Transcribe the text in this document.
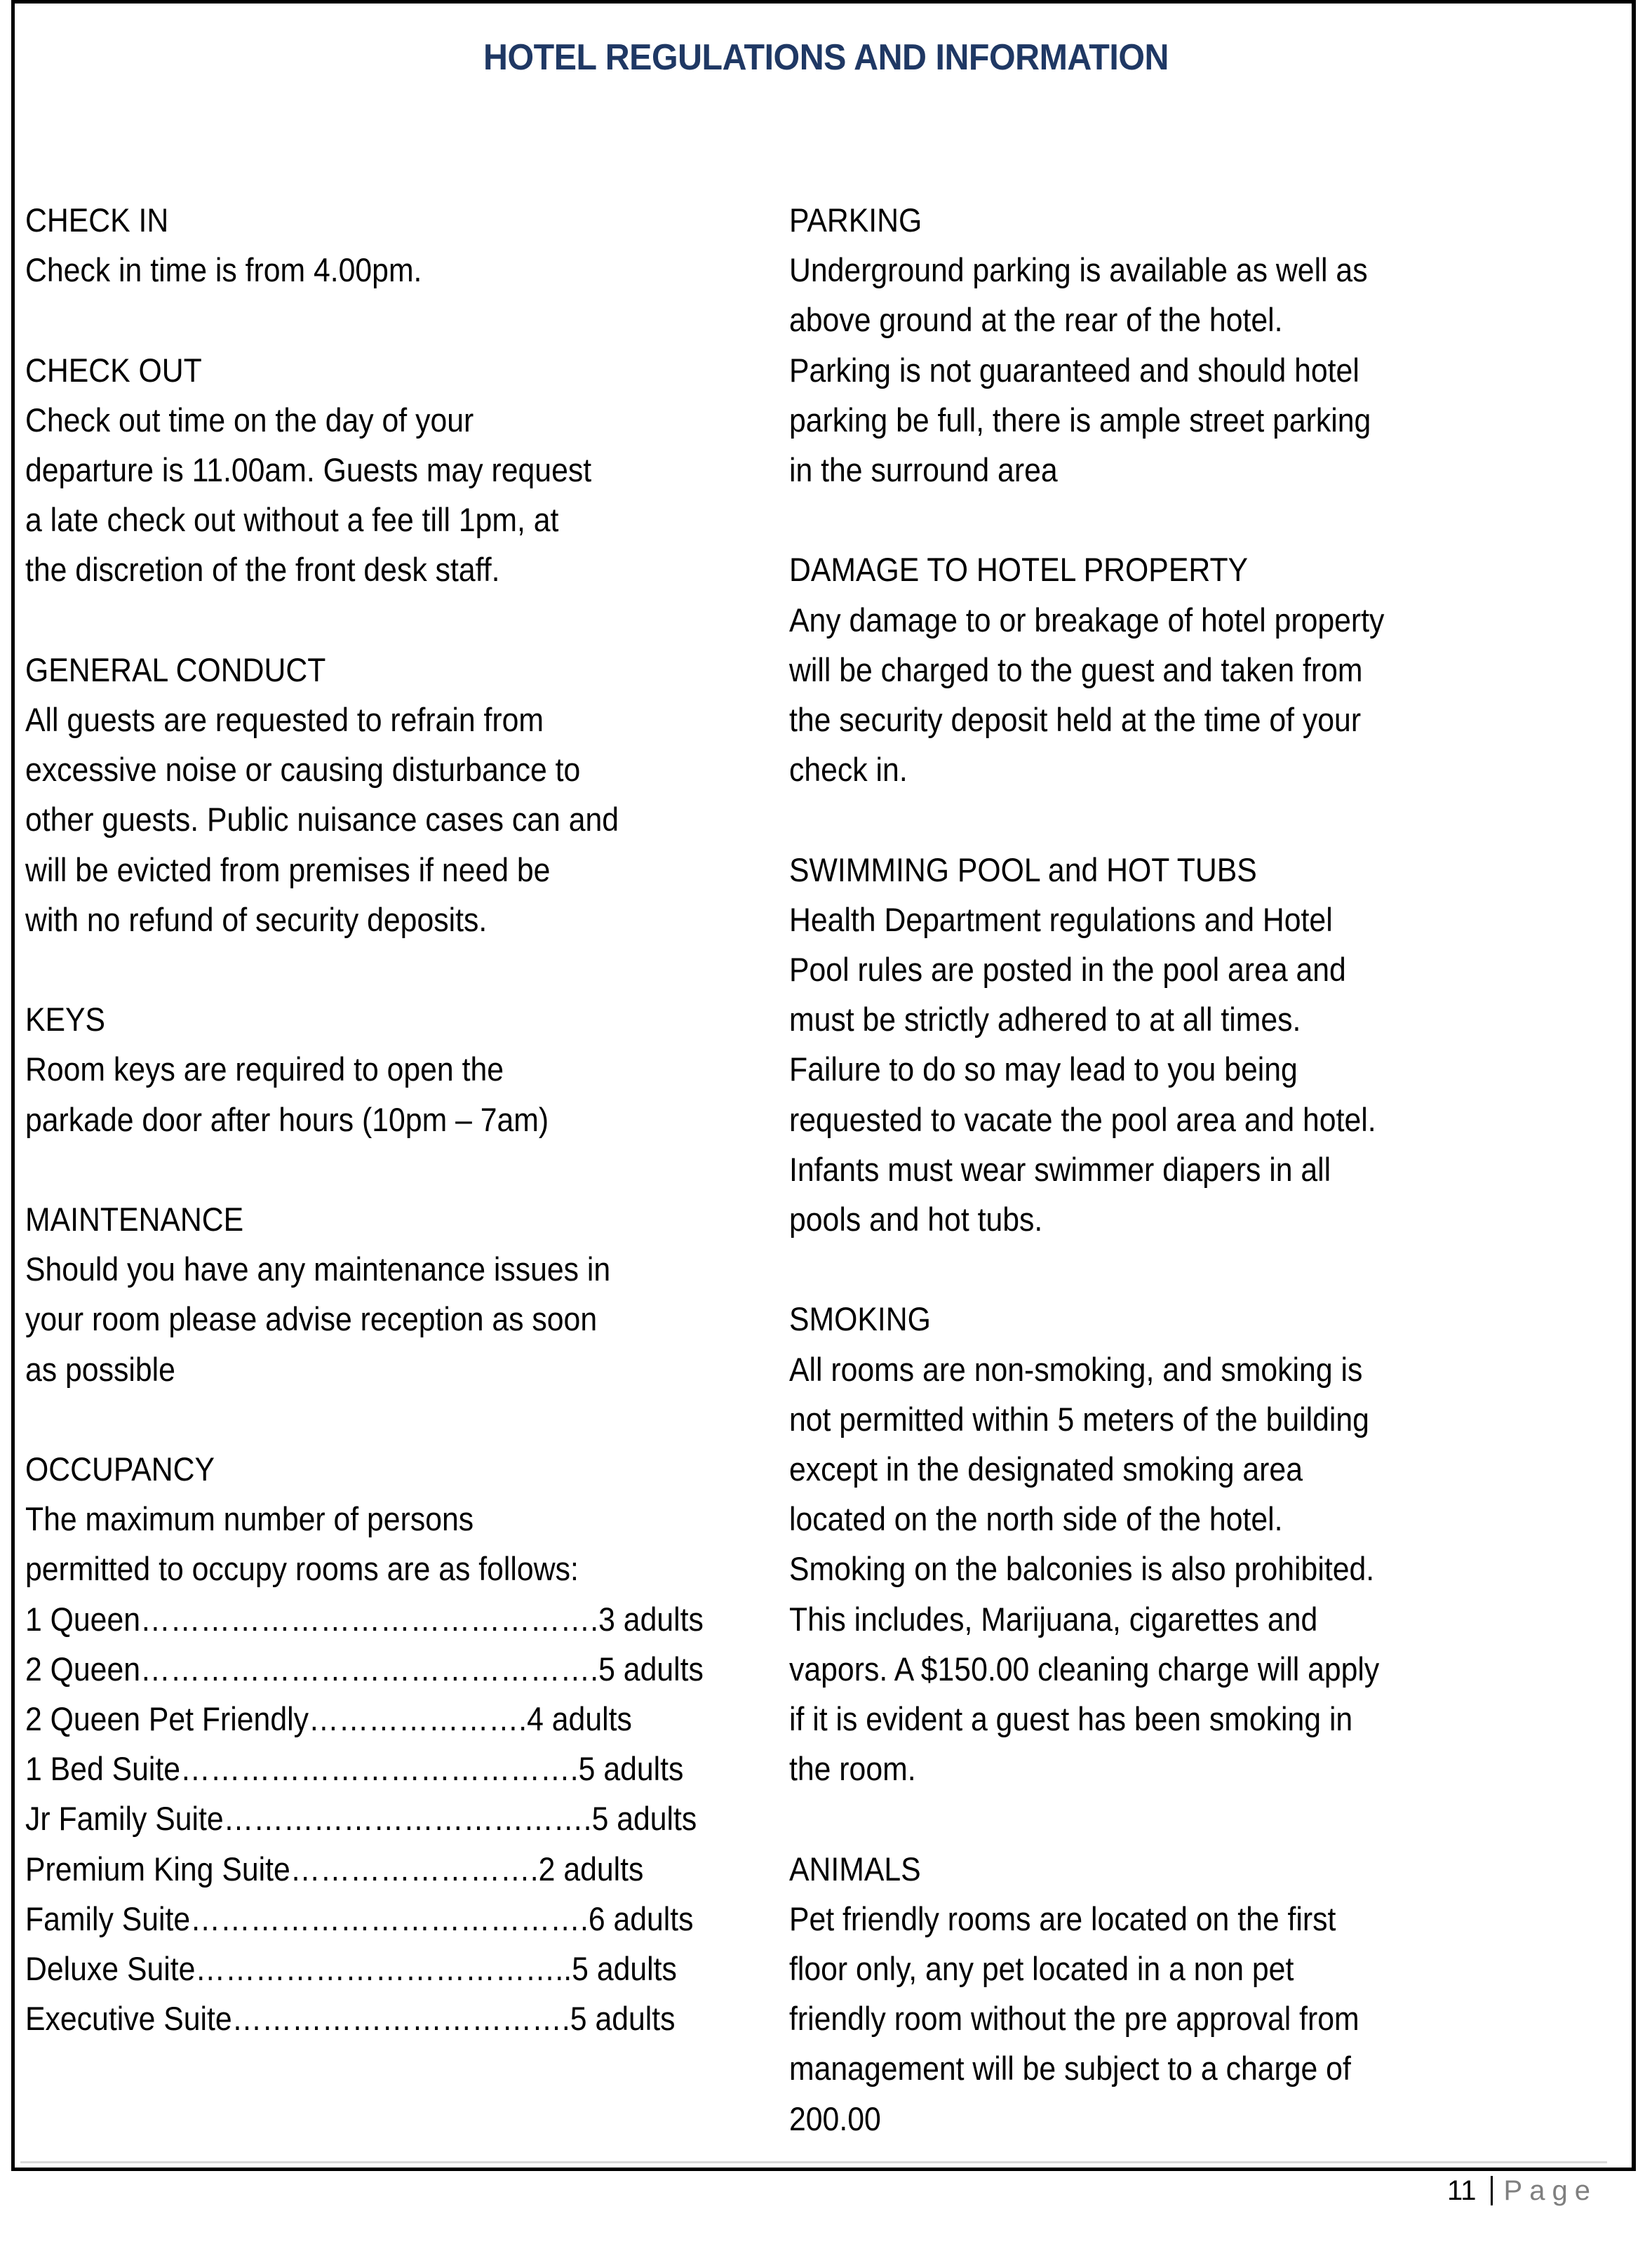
HOTEL REGULATIONS AND INFORMATION
CHECK IN
Check in time is from 4.00pm.
CHECK OUT
Check out time on the day of your
departure is 11.00am. Guests may request
a late check out without a fee till 1pm, at
the discretion of the front desk staff.
GENERAL CONDUCT
All guests are requested to refrain from
excessive noise or causing disturbance to
other guests. Public nuisance cases can and
will be evicted from premises if need be
with no refund of security deposits.
KEYS
Room keys are required to open the
parkade door after hours (10pm – 7am)
MAINTENANCE
Should you have any maintenance issues in
your room please advise reception as soon
as possible
OCCUPANCY
The maximum number of persons
permitted to occupy rooms are as follows:
1 Queen……………………………………….3 adults
2 Queen……………………………………….5 adults
2 Queen Pet Friendly………………….4 adults
1 Bed Suite………………………………….5 adults
Jr Family Suite……………………………….5 adults
Premium King Suite…………………….2 adults
Family Suite………………………………….6 adults
Deluxe Suite………………………………..5 adults
Executive Suite…………………………….5 adults
PARKING
Underground parking is available as well as
above ground at the rear of the hotel.
Parking is not guaranteed and should hotel
parking be full, there is ample street parking
in the surround area
DAMAGE TO HOTEL PROPERTY
Any damage to or breakage of hotel property
will be charged to the guest and taken from
the security deposit held at the time of your
check in.
SWIMMING POOL and HOT TUBS
Health Department regulations and Hotel
Pool rules are posted in the pool area and
must be strictly adhered to at all times.
Failure to do so may lead to you being
requested to vacate the pool area and hotel.
Infants must wear swimmer diapers in all
pools and hot tubs.
SMOKING
All rooms are non-smoking, and smoking is
not permitted within 5 meters of the building
except in the designated smoking area
located on the north side of the hotel.
Smoking on the balconies is also prohibited.
This includes, Marijuana, cigarettes and
vapors. A $150.00 cleaning charge will apply
if it is evident a guest has been smoking in
the room.
ANIMALS
Pet friendly rooms are located on the first
floor only, any pet located in a non pet
friendly room without the pre approval from
management will be subject to a charge of
200.00
11 Page
